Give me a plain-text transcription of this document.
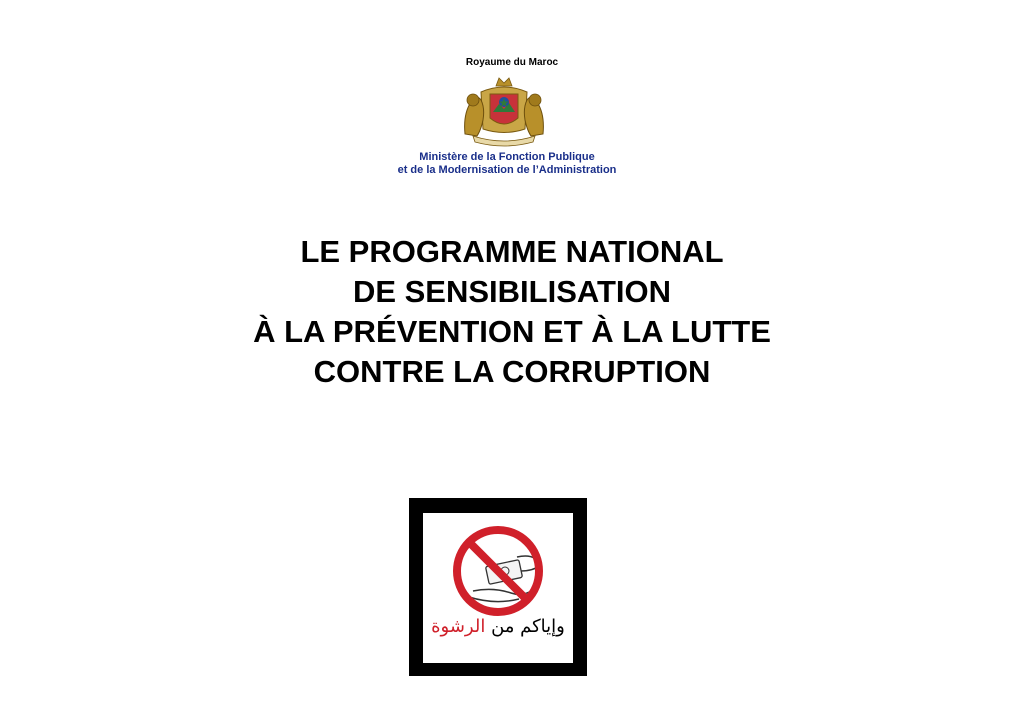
Royaume du Maroc
Ministère de la Fonction Publique
et de la Modernisation de l’Administration
LE PROGRAMME NATIONAL
DE SENSIBILISATION
À LA PRÉVENTION ET À LA LUTTE
CONTRE LA CORRUPTION
وإياكم من الرشوة
